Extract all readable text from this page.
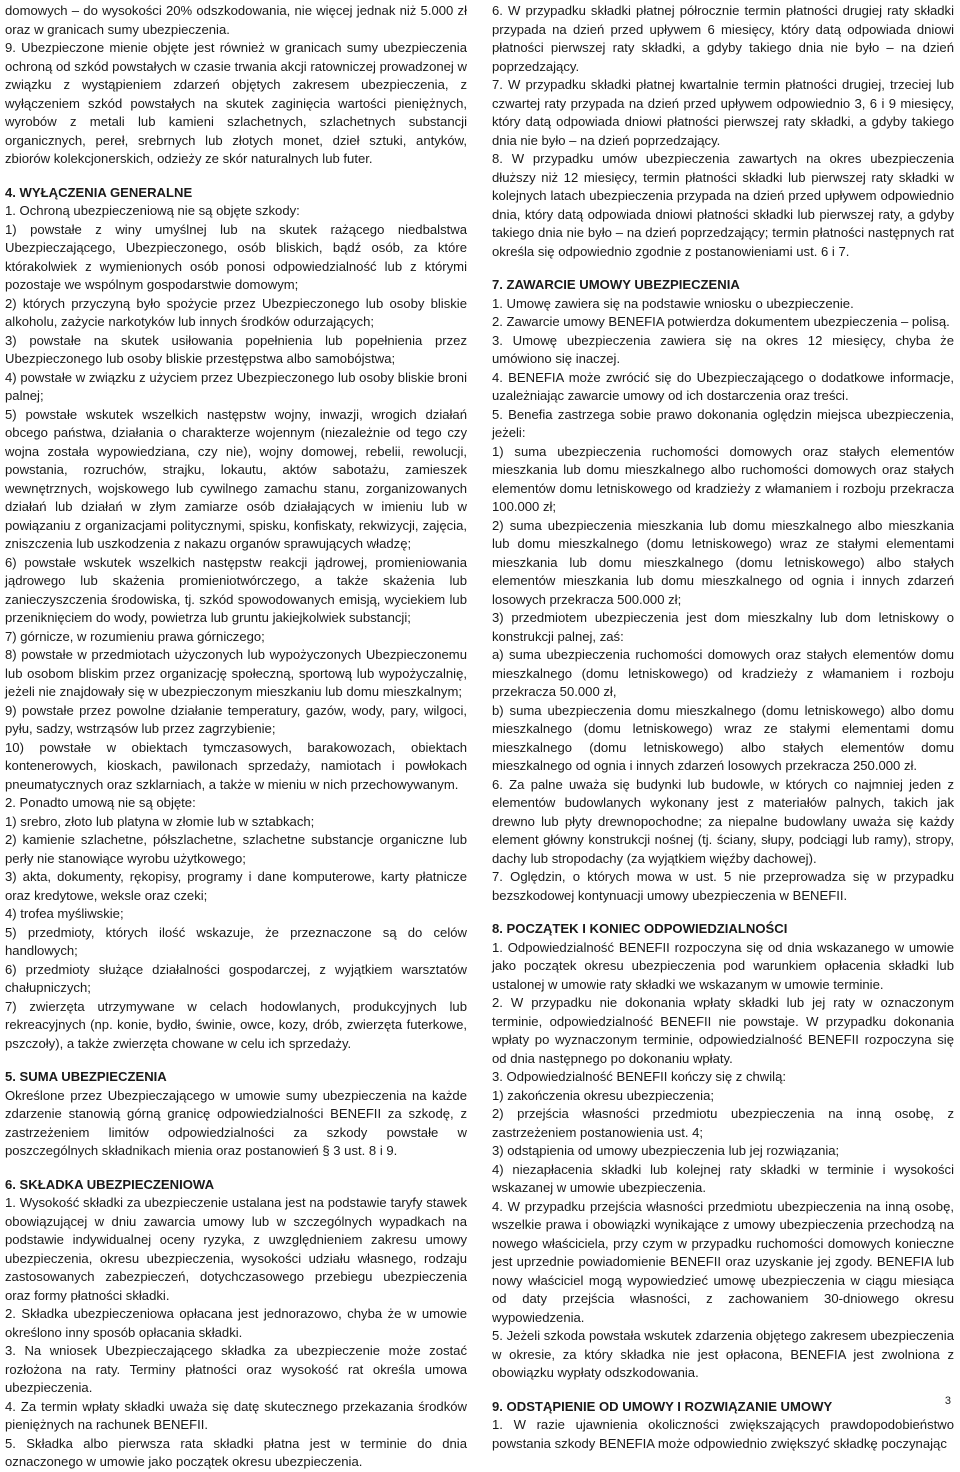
domowych – do wysokości 20% odszkodowania, nie więcej jednak niż 5.000 zł oraz w granicach sumy ubezpieczenia.
9. Ubezpieczone mienie objęte jest również w granicach sumy ubezpieczenia ochroną od szkód powstałych w czasie trwania akcji ratowniczej prowadzonej w związku z wystąpieniem zdarzeń objętych zakresem ubezpieczenia, z wyłączeniem szkód powstałych na skutek zaginięcia wartości pieniężnych, wyrobów z metali lub kamieni szlachetnych, szlachetnych substancji organicznych, pereł, srebrnych lub złotych monet, dzieł sztuki, antyków, zbiorów kolekcjonerskich, odzieży ze skór naturalnych lub futer.
4. WYŁĄCZENIA GENERALNE
1. Ochroną ubezpieczeniową nie są objęte szkody:
1) powstałe z winy umyślnej lub na skutek rażącego niedbalstwa Ubezpieczającego, Ubezpieczonego, osób bliskich, bądź osób, za które którakolwiek z wymienionych osób ponosi odpowiedzialność lub z którymi pozostaje we wspólnym gospodarstwie domowym;
2) których przyczyną było spożycie przez Ubezpieczonego lub osoby bliskie alkoholu, zażycie narkotyków lub innych środków odurzających;
3) powstałe na skutek usiłowania popełnienia lub popełnienia przez Ubezpieczonego lub osoby bliskie przestępstwa albo samobójstwa;
4) powstałe w związku z użyciem przez Ubezpieczonego lub osoby bliskie broni palnej;
5) powstałe wskutek wszelkich następstw wojny, inwazji, wrogich działań obcego państwa, działania o charakterze wojennym (niezależnie od tego czy wojna została wypowiedziana, czy nie), wojny domowej, rebelii, rewolucji, powstania, rozruchów, strajku, lokautu, aktów sabotażu, zamieszek wewnętrznych, wojskowego lub cywilnego zamachu stanu, zorganizowanych działań lub działań w złym zamiarze osób działających w imieniu lub w powiązaniu z organizacjami politycznymi, spisku, konfiskaty, rekwizycji, zajęcia, zniszczenia lub uszkodzenia z nakazu organów sprawujących władzę;
6) powstałe wskutek wszelkich następstw reakcji jądrowej, promieniowania jądrowego lub skażenia promieniotwórczego, a także skażenia lub zanieczyszczenia środowiska, tj. szkód spowodowanych emisją, wyciekiem lub przeniknięciem do wody, powietrza lub gruntu jakiejkolwiek substancji;
7) górnicze, w rozumieniu prawa górniczego;
8) powstałe w przedmiotach użyczonych lub wypożyczonych Ubezpieczonemu lub osobom bliskim przez organizację społeczną, sportową lub wypożyczalnię, jeżeli nie znajdowały się w ubezpieczonym mieszkaniu lub domu mieszkalnym;
9) powstałe przez powolne działanie temperatury, gazów, wody, pary, wilgoci, pyłu, sadzy, wstrząsów lub przez zagrzybienie;
10) powstałe w obiektach tymczasowych, barakowozach, obiektach kontenerowych, kioskach, pawilonach sprzedaży, namiotach i powłokach pneumatycznych oraz szklarniach, a także w mieniu w nich przechowywanym.
2. Ponadto umową nie są objęte:
1) srebro, złoto lub platyna w złomie lub w sztabkach;
2) kamienie szlachetne, półszlachetne, szlachetne substancje organiczne lub perły nie stanowiące wyrobu użytkowego;
3) akta, dokumenty, rękopisy, programy i dane komputerowe, karty płatnicze oraz kredytowe, weksle oraz czeki;
4) trofea myśliwskie;
5) przedmioty, których ilość wskazuje, że przeznaczone są do celów handlowych;
6) przedmioty służące działalności gospodarczej, z wyjątkiem warsztatów chałupniczych;
7) zwierzęta utrzymywane w celach hodowlanych, produkcyjnych lub rekreacyjnych (np. konie, bydło, świnie, owce, kozy, drób, zwierzęta futerkowe, pszczoły), a także zwierzęta chowane w celu ich sprzedaży.
5. SUMA UBEZPIECZENIA
Określone przez Ubezpieczającego w umowie sumy ubezpieczenia na każde zdarzenie stanowią górną granicę odpowiedzialności BENEFII za szkodę, z zastrzeżeniem limitów odpowiedzialności za szkody powstałe w poszczególnych składnikach mienia oraz postanowień § 3 ust. 8 i 9.
6. SKŁADKA UBEZPIECZENIOWA
1. Wysokość składki za ubezpieczenie ustalana jest na podstawie taryfy stawek obowiązującej w dniu zawarcia umowy lub w szczególnych wypadkach na podstawie indywidualnej oceny ryzyka, z uwzględnieniem zakresu umowy ubezpieczenia, okresu ubezpieczenia, wysokości udziału własnego, rodzaju zastosowanych zabezpieczeń, dotychczasowego przebiegu ubezpieczenia oraz formy płatności składki.
2. Składka ubezpieczeniowa opłacana jest jednorazowo, chyba że w umowie określono inny sposób opłacania składki.
3. Na wniosek Ubezpieczającego składka za ubezpieczenie może zostać rozłożona na raty. Terminy płatności oraz wysokość rat określa umowa ubezpieczenia.
4. Za termin wpłaty składki uważa się datę skutecznego przekazania środków pieniężnych na rachunek BENEFII.
5. Składka albo pierwsza rata składki płatna jest w terminie do dnia oznaczonego w umowie jako początek okresu ubezpieczenia.
6. W przypadku składki płatnej półrocznie termin płatności drugiej raty składki przypada na dzień przed upływem 6 miesięcy, który datą odpowiada dniowi płatności pierwszej raty składki, a gdyby takiego dnia nie było – na dzień poprzedzający.
7. W przypadku składki płatnej kwartalnie termin płatności drugiej, trzeciej lub czwartej raty przypada na dzień przed upływem odpowiednio 3, 6 i 9 miesięcy, który datą odpowiada dniowi płatności pierwszej raty składki, a gdyby takiego dnia nie było – na dzień poprzedzający.
8. W przypadku umów ubezpieczenia zawartych na okres ubezpieczenia dłuższy niż 12 miesięcy, termin płatności składki lub pierwszej raty składki w kolejnych latach ubezpieczenia przypada na dzień przed upływem odpowiednio dnia, który datą odpowiada dniowi płatności składki lub pierwszej raty, a gdyby takiego dnia nie było – na dzień poprzedzający; termin płatności następnych rat określa się odpowiednio zgodnie z postanowieniami ust. 6 i 7.
7. ZAWARCIE UMOWY UBEZPIECZENIA
1. Umowę zawiera się na podstawie wniosku o ubezpieczenie.
2. Zawarcie umowy BENEFIA potwierdza dokumentem ubezpieczenia – polisą.
3. Umowę ubezpieczenia zawiera się na okres 12 miesięcy, chyba że umówiono się inaczej.
4. BENEFIA może zwrócić się do Ubezpieczającego o dodatkowe informacje, uzależniając zawarcie umowy od ich dostarczenia oraz treści.
5. Benefia zastrzega sobie prawo dokonania oględzin miejsca ubezpieczenia, jeżeli:
1) suma ubezpieczenia ruchomości domowych oraz stałych elementów mieszkania lub domu mieszkalnego albo ruchomości domowych oraz stałych elementów domu letniskowego od kradzieży z włamaniem i rozboju przekracza 100.000 zł;
2) suma ubezpieczenia mieszkania lub domu mieszkalnego albo mieszkania lub domu mieszkalnego (domu letniskowego) wraz ze stałymi elementami mieszkania lub domu mieszkalnego (domu letniskowego) albo stałych elementów mieszkania lub domu mieszkalnego od ognia i innych zdarzeń losowych przekracza 500.000 zł;
3) przedmiotem ubezpieczenia jest dom mieszkalny lub dom letniskowy o konstrukcji palnej, zaś:
a) suma ubezpieczenia ruchomości domowych oraz stałych elementów domu mieszkalnego (domu letniskowego) od kradzieży z włamaniem i rozboju przekracza 50.000 zł,
b) suma ubezpieczenia domu mieszkalnego (domu letniskowego) albo domu mieszkalnego (domu letniskowego) wraz ze stałymi elementami domu mieszkalnego (domu letniskowego) albo stałych elementów domu mieszkalnego od ognia i innych zdarzeń losowych przekracza 250.000 zł.
6. Za palne uważa się budynki lub budowle, w których co najmniej jeden z elementów budowlanych wykonany jest z materiałów palnych, takich jak drewno lub płyty drewnopochodne; za niepalne budowlany uważa się każdy element główny konstrukcji nośnej (tj. ściany, słupy, podciągi lub ramy), stropy, dachy lub stropodachy (za wyjątkiem więźby dachowej).
7. Oględzin, o których mowa w ust. 5 nie przeprowadza się w przypadku bezszkodowej kontynuacji umowy ubezpieczenia w BENEFII.
8. POCZĄTEK I KONIEC ODPOWIEDZIALNOŚCI
1. Odpowiedzialność BENEFII rozpoczyna się od dnia wskazanego w umowie jako początek okresu ubezpieczenia pod warunkiem opłacenia składki lub ustalonej w umowie raty składki we wskazanym w umowie terminie.
2. W przypadku nie dokonania wpłaty składki lub jej raty w oznaczonym terminie, odpowiedzialność BENEFII nie powstaje. W przypadku dokonania wpłaty po wyznaczonym terminie, odpowiedzialność BENEFII rozpoczyna się od dnia następnego po dokonaniu wpłaty.
3. Odpowiedzialność BENEFII kończy się z chwilą:
1) zakończenia okresu ubezpieczenia;
2) przejścia własności przedmiotu ubezpieczenia na inną osobę, z zastrzeżeniem postanowienia ust. 4;
3) odstąpienia od umowy ubezpieczenia lub jej rozwiązania;
4) niezapłacenia składki lub kolejnej raty składki w terminie i wysokości wskazanej w umowie ubezpieczenia.
4. W przypadku przejścia własności przedmiotu ubezpieczenia na inną osobę, wszelkie prawa i obowiązki wynikające z umowy ubezpieczenia przechodzą na nowego właściciela, przy czym w przypadku ruchomości domowych konieczne jest uprzednie powiadomienie BENEFII oraz uzyskanie jej zgody. BENEFIA lub nowy właściciel mogą wypowiedzieć umowę ubezpieczenia w ciągu miesiąca od daty przejścia własności, z zachowaniem 30-dniowego okresu wypowiedzenia.
5. Jeżeli szkoda powstała wskutek zdarzenia objętego zakresem ubezpieczenia w okresie, za który składka nie jest opłacona, BENEFIA jest zwolniona z obowiązku wypłaty odszkodowania.
9. ODSTĄPIENIE OD UMOWY I ROZWIĄZANIE UMOWY
1. W razie ujawnienia okoliczności zwiększających prawdopodobieństwo powstania szkody BENEFIA może odpowiednio zwiększyć składkę poczynając
3
